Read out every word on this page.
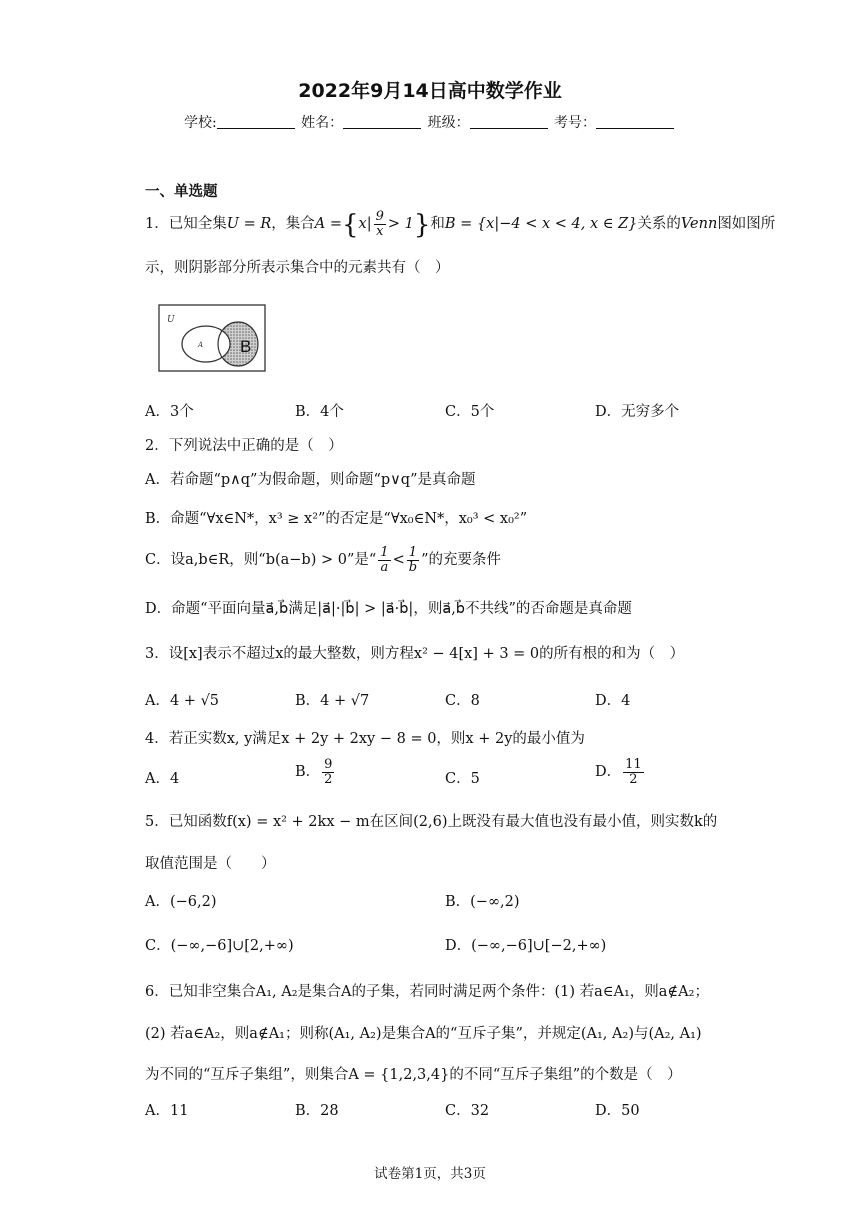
2022年9月14日高中数学作业
学校:	姓名：	班级：	考号：
一、单选题
1．已知全集U = R，集合$A =\{x| \frac{9}{x} > 1\}$和B = {x|−4 < x < 4, x ∈ Z}关系的Venn图如图所
示，则阴影部分所表示集合中的元素共有（　）
U
A B
A．3个	B．4个	C．5个	D．无穷多个
2．下列说法中正确的是（　）
A．若命题“p∧q”为假命题，则命题“p∨q”是真命题
B．命题“∀x∈N*，x³ ≥ x²”的否定是“∀x₀∈N*，x₀³ < x₀²”
C．设a,b∈R，则“b(a−b) > 0”是“ $\frac{1}{a} < \frac{1}{b}$ ”的充要条件
D．命题“平面向量a⃗,b⃗满足|a⃗|·|b⃗| > |a⃗·b⃗|，则a⃗,b⃗不共线”的否命题是真命题
3．设[x]表示不超过x的最大整数，则方程x² − 4[x] + 3 = 0的所有根的和为（　）
A．4 + √5	B．4 + √7	C．8	D．4
4．若正实数x, y满足x + 2y + 2xy − 8 = 0，则x + 2y的最小值为
A．4	B． $\frac{9}{2}$	C．5	D． $\frac{11}{2}$
5．已知函数f(x) = x² + 2kx − m在区间(2,6)上既没有最大值也没有最小值，则实数k的
取值范围是（　　）
A．(−6,2)	B．(−∞,2)
C．(−∞,−6]∪[2,+∞)	D．(−∞,−6]∪[−2,+∞)
6．已知非空集合A₁, A₂是集合A的子集，若同时满足两个条件：(1) 若a∈A₁，则a∉A₂；
(2) 若a∈A₂，则a∉A₁；则称(A₁, A₂)是集合A的“互斥子集”，并规定(A₁, A₂)与(A₂, A₁)
为不同的“互斥子集组”，则集合A = {1,2,3,4}的不同“互斥子集组”的个数是（　）
A．11	B．28	C．32	D．50
试卷第1页，共3页
